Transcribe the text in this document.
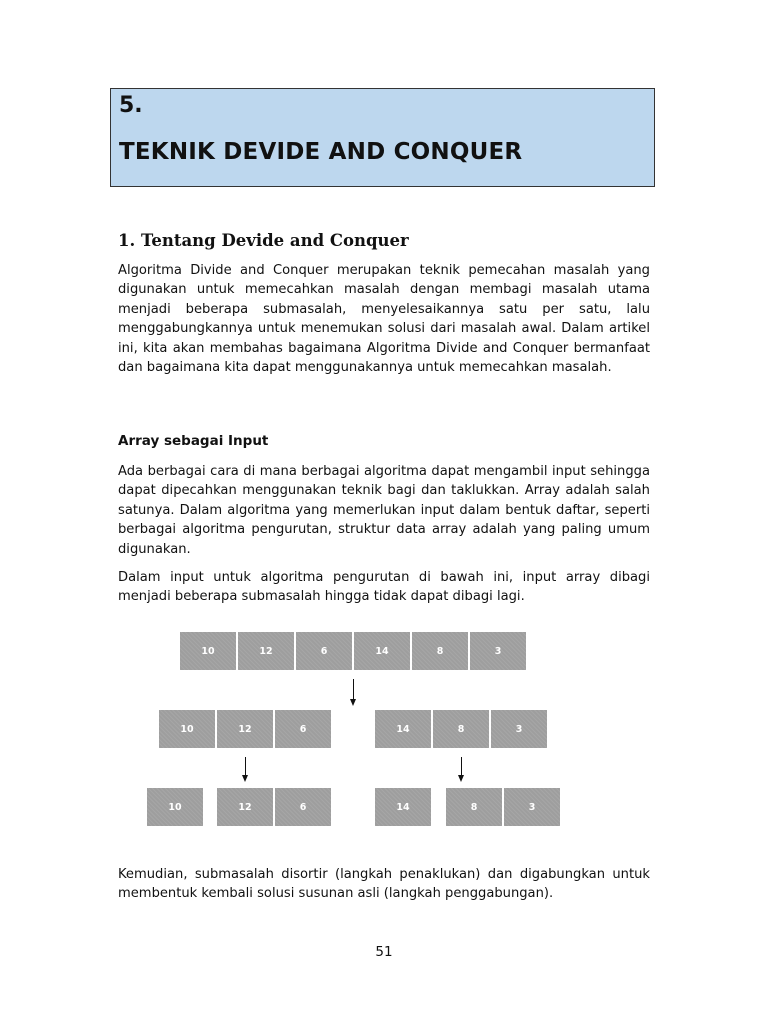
5.
TEKNIK DEVIDE AND CONQUER
1. Tentang Devide and Conquer

Algoritma Divide and Conquer merupakan teknik pemecahan masalah yang digunakan untuk memecahkan masalah dengan membagi masalah utama menjadi beberapa submasalah, menyelesaikannya satu per satu, lalu menggabungkannya untuk menemukan solusi dari masalah awal. Dalam artikel ini, kita akan membahas bagaimana Algoritma Divide and Conquer bermanfaat dan bagaimana kita dapat menggunakannya untuk memecahkan masalah.

Array sebagai Input

Ada berbagai cara di mana berbagai algoritma dapat mengambil input sehingga dapat dipecahkan menggunakan teknik bagi dan taklukkan. Array adalah salah satunya. Dalam algoritma yang memerlukan input dalam bentuk daftar, seperti berbagai algoritma pengurutan, struktur data array adalah yang paling umum digunakan.

Dalam input untuk algoritma pengurutan di bawah ini, input array dibagi menjadi beberapa submasalah hingga tidak dapat dibagi lagi.

10	12	6	14	8	3
10	12	6	14	8	3
10	12	6	14	8	3

Kemudian, submasalah disortir (langkah penaklukan) dan digabungkan untuk membentuk kembali solusi susunan asli (langkah penggabungan).

51
